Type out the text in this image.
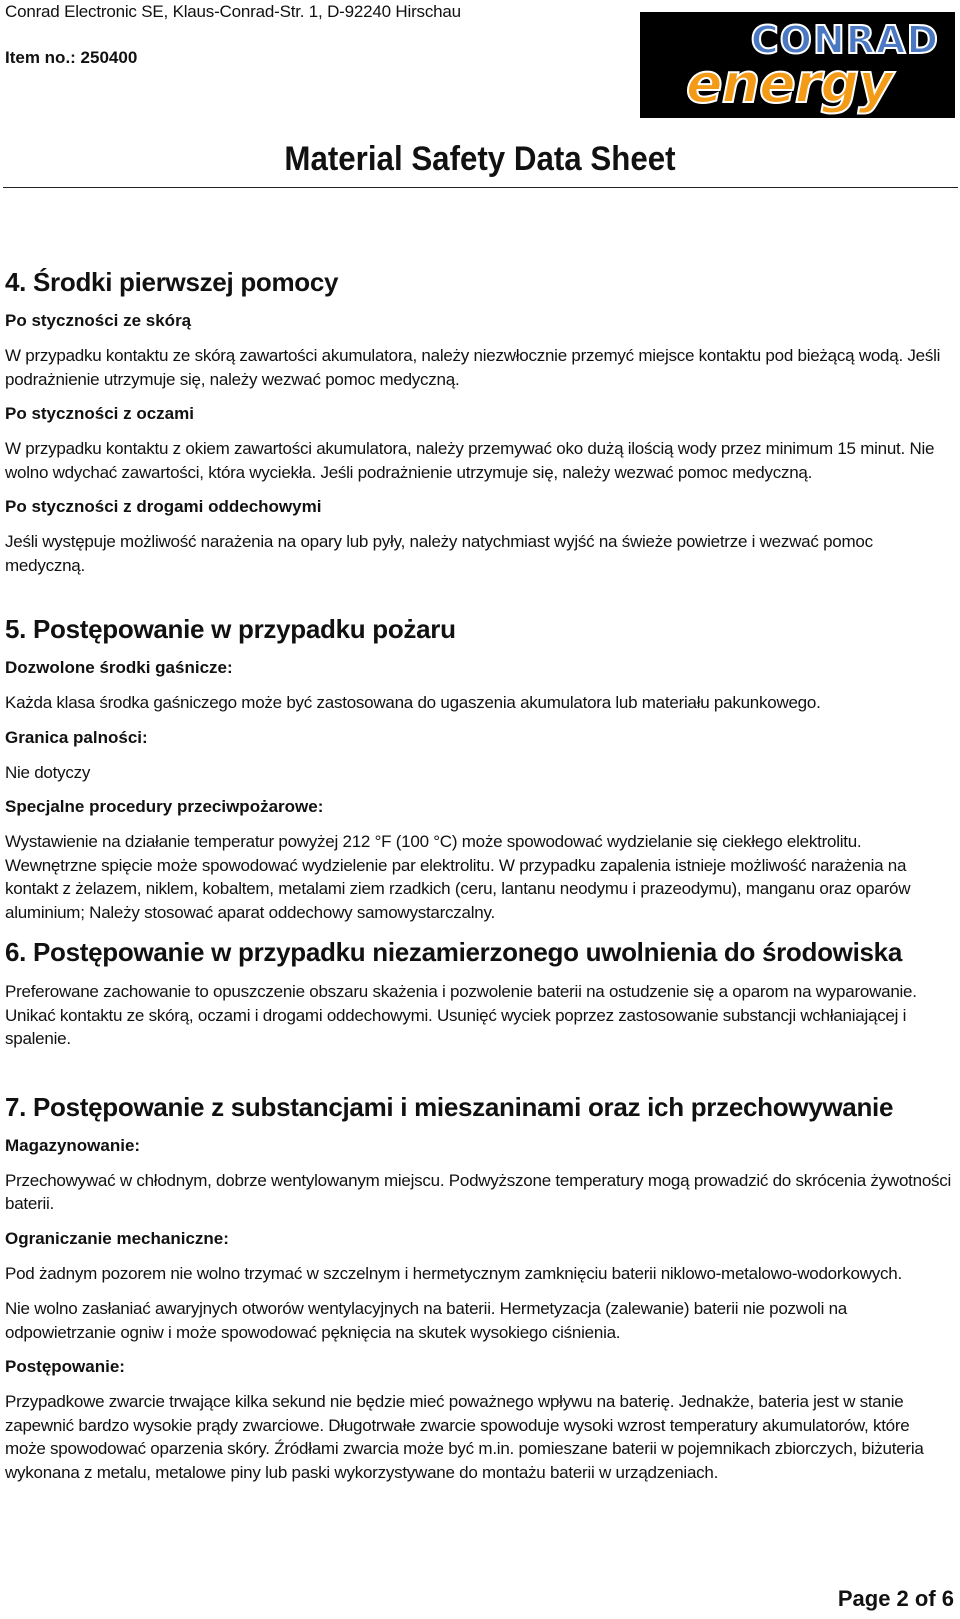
Conrad Electronic SE, Klaus-Conrad-Str. 1, D-92240 Hirschau
Item no.: 250400	CONRAD
energy
Material Safety Data Sheet
4. Środki pierwszej pomocy
Po styczności ze skórą
W przypadku kontaktu ze skórą zawartości akumulatora, należy niezwłocznie przemyć miejsce kontaktu pod bieżącą wodą. Jeśli podrażnienie utrzymuje się, należy wezwać pomoc medyczną.
Po styczności z oczami
W przypadku kontaktu z okiem zawartości akumulatora, należy przemywać oko dużą ilością wody przez minimum 15 minut. Nie wolno wdychać zawartości, która wyciekła. Jeśli podrażnienie utrzymuje się, należy wezwać pomoc medyczną.
Po styczności z drogami oddechowymi
Jeśli występuje możliwość narażenia na opary lub pyły, należy natychmiast wyjść na świeże powietrze i wezwać pomoc medyczną.
5. Postępowanie w przypadku pożaru
Dozwolone środki gaśnicze:
Każda klasa środka gaśniczego może być zastosowana do ugaszenia akumulatora lub materiału pakunkowego.
Granica palności:
Nie dotyczy
Specjalne procedury przeciwpożarowe:
Wystawienie na działanie temperatur powyżej 212 °F (100 °C) może spowodować wydzielanie się ciekłego elektrolitu. Wewnętrzne spięcie może spowodować wydzielenie par elektrolitu. W przypadku zapalenia istnieje możliwość narażenia na kontakt z żelazem, niklem, kobaltem, metalami ziem rzadkich (ceru, lantanu neodymu i prazeodymu), manganu oraz oparów aluminium; Należy stosować aparat oddechowy samowystarczalny.
6. Postępowanie w przypadku niezamierzonego uwolnienia do środowiska
Preferowane zachowanie to opuszczenie obszaru skażenia i pozwolenie baterii na ostudzenie się a oparom na wyparowanie. Unikać kontaktu ze skórą, oczami i drogami oddechowymi. Usunięć wyciek poprzez zastosowanie substancji wchłaniającej i spalenie.
7. Postępowanie z substancjami i mieszaninami oraz ich przechowywanie
Magazynowanie:
Przechowywać w chłodnym, dobrze wentylowanym miejscu. Podwyższone temperatury mogą prowadzić do skrócenia żywotności baterii.
Ograniczanie mechaniczne:
Pod żadnym pozorem nie wolno trzymać w szczelnym i hermetycznym zamknięciu baterii niklowo-metalowo-wodorkowych.
Nie wolno zasłaniać awaryjnych otworów wentylacyjnych na baterii. Hermetyzacja (zalewanie) baterii nie pozwoli na odpowietrzanie ogniw i może spowodować pęknięcia na skutek wysokiego ciśnienia.
Postępowanie:
Przypadkowe zwarcie trwające kilka sekund nie będzie mieć poważnego wpływu na baterię. Jednakże, bateria jest w stanie zapewnić bardzo wysokie prądy zwarciowe. Długotrwałe zwarcie spowoduje wysoki wzrost temperatury akumulatorów, które może spowodować oparzenia skóry. Źródłami zwarcia może być m.in. pomieszane baterii w pojemnikach zbiorczych, biżuteria wykonana z metalu, metalowe piny lub paski wykorzystywane do montażu baterii w urządzeniach.
Page 2 of 6
